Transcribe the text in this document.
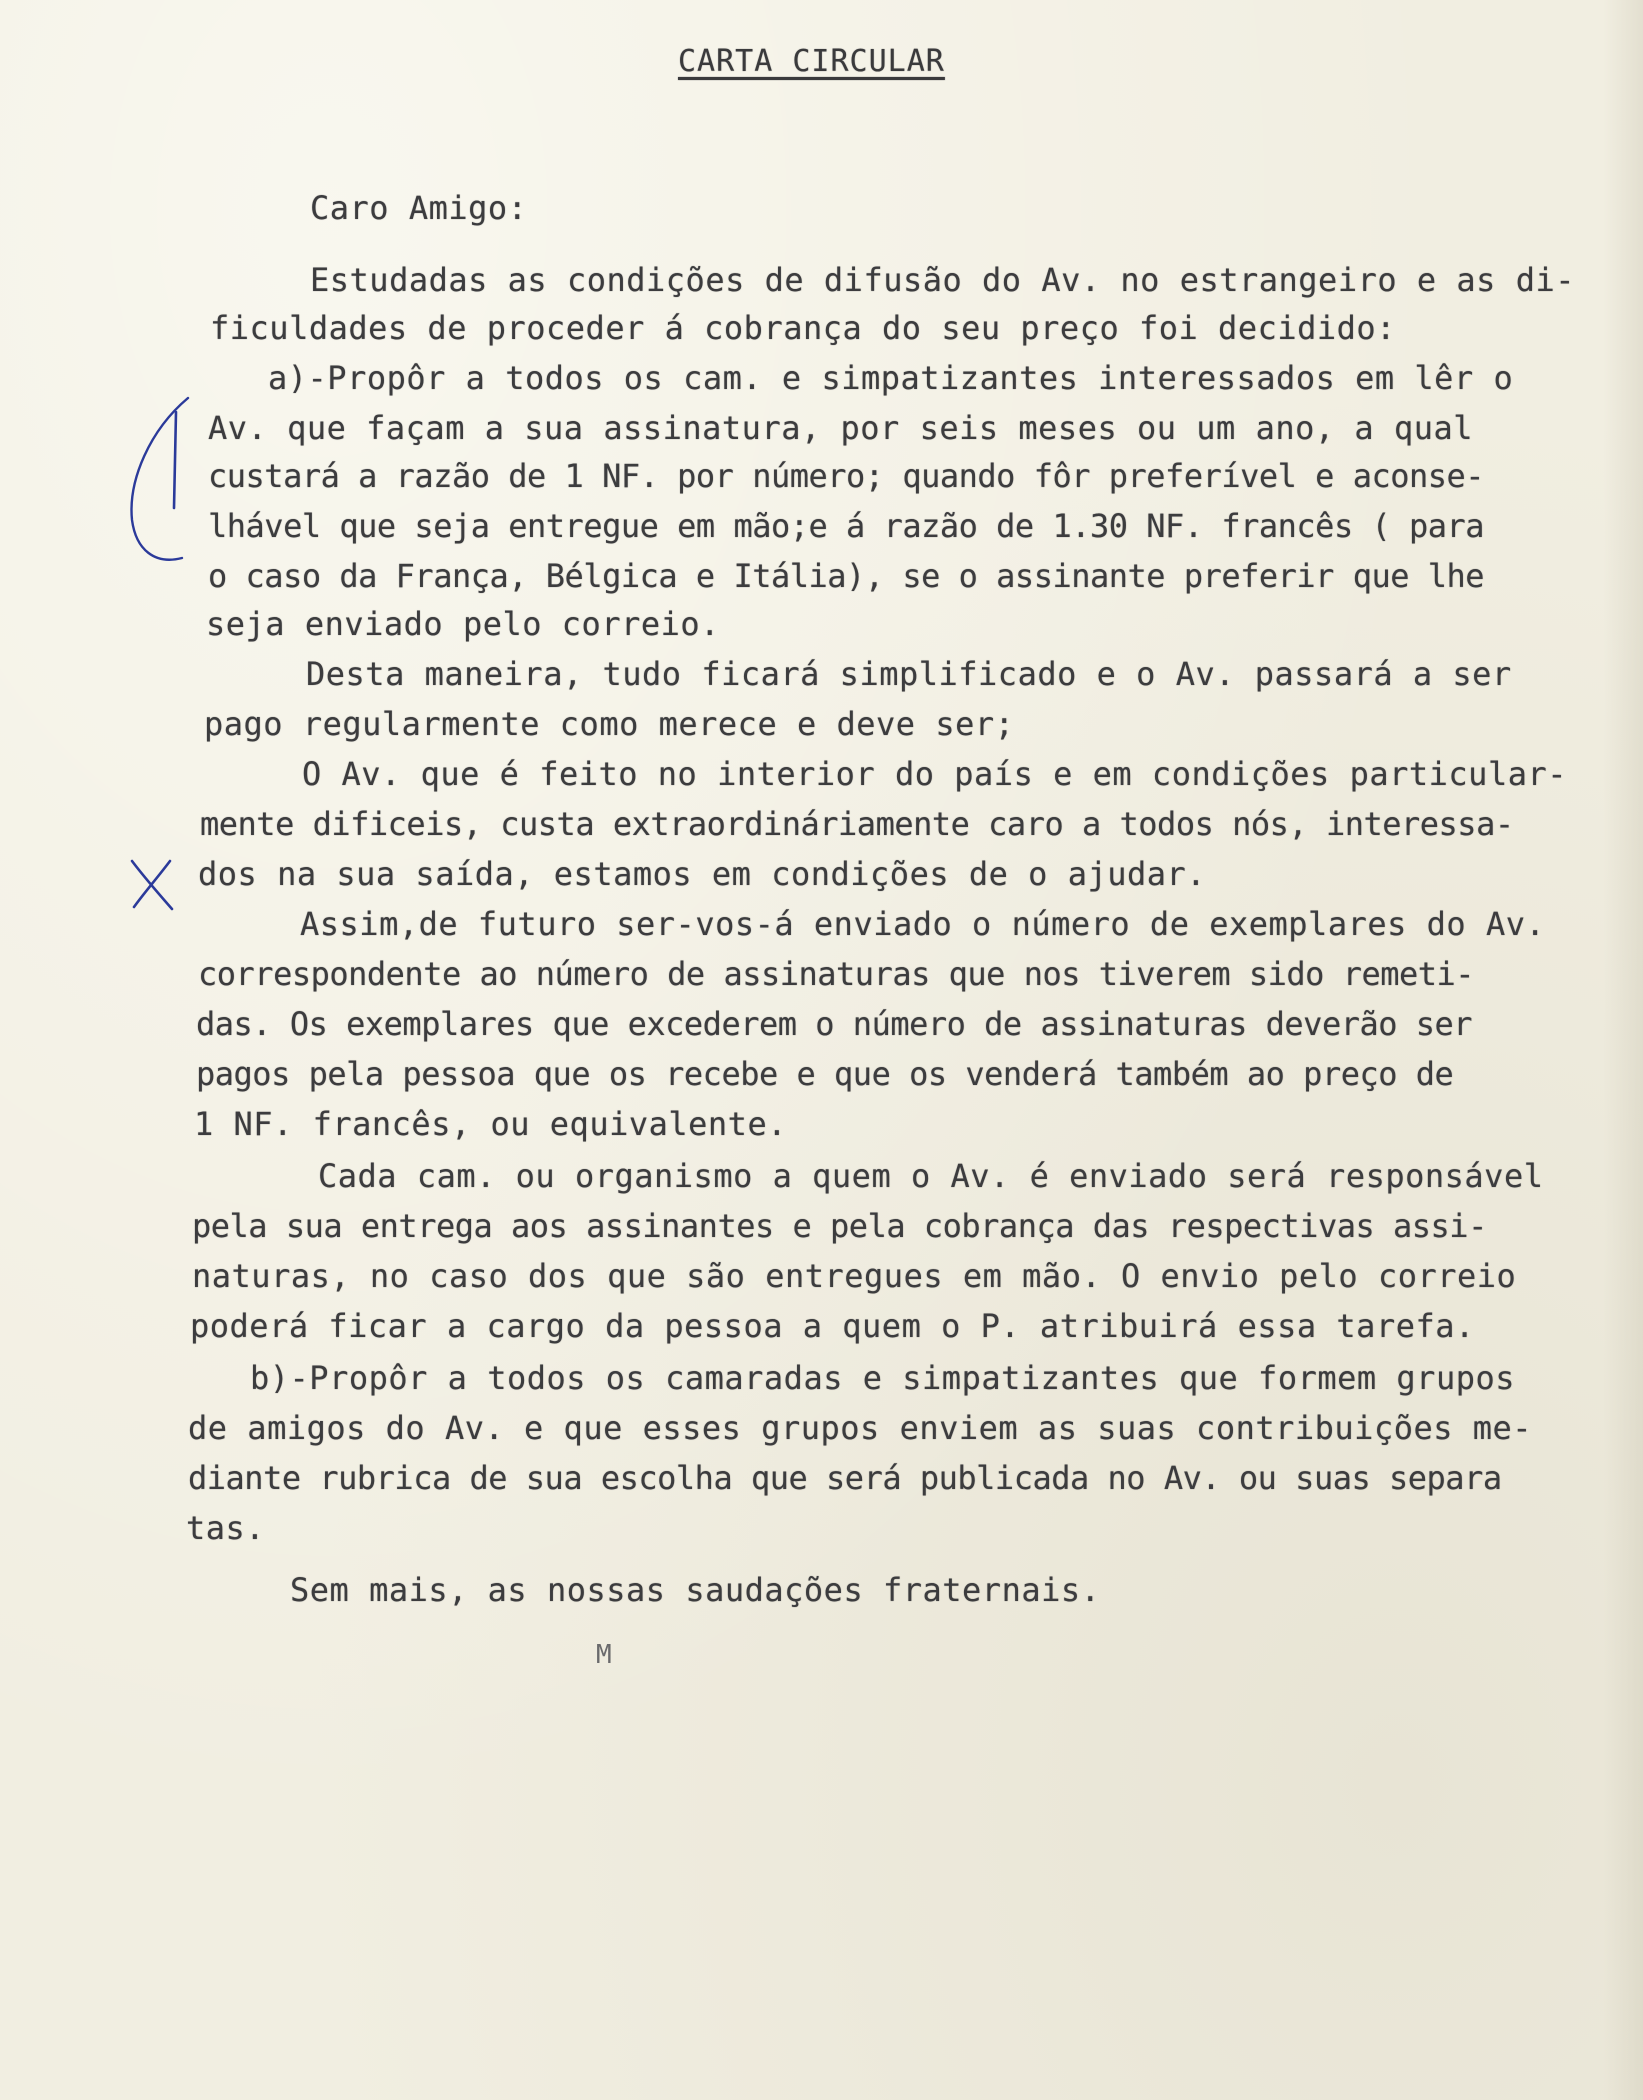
CARTA CIRCULAR
Caro Amigo:
Estudadas as condições de difusão do Av. no estrangeiro e as di-
ficuldades de proceder á cobrança do seu preço foi decidido:
a)-Propôr a todos os cam. e simpatizantes interessados em lêr o
Av. que façam a sua assinatura, por seis meses ou um ano, a qual
custará a razão de 1 NF. por número; quando fôr preferível e aconse-
lhável que seja entregue em mão;e á razão de 1.30 NF. francês ( para
o caso da França, Bélgica e Itália), se o assinante preferir que lhe
seja enviado pelo correio.
Desta maneira, tudo ficará simplificado e o Av. passará a ser
pago regularmente como merece e deve ser;
O Av. que é feito no interior do país e em condições particular-
mente dificeis, custa extraordináriamente caro a todos nós, interessa-
dos na sua saída, estamos em condições de o ajudar.
Assim,de futuro ser-vos-á enviado o número de exemplares do Av.
correspondente ao número de assinaturas que nos tiverem sido remeti-
das. Os exemplares que excederem o número de assinaturas deverão ser
pagos pela pessoa que os recebe e que os venderá também ao preço de
1 NF. francês, ou equivalente.
Cada cam. ou organismo a quem o Av. é enviado será responsável
pela sua entrega aos assinantes e pela cobrança das respectivas assi-
naturas, no caso dos que são entregues em mão. O envio pelo correio
poderá ficar a cargo da pessoa a quem o P. atribuirá essa tarefa.
b)-Propôr a todos os camaradas e simpatizantes que formem grupos
de amigos do Av. e que esses grupos enviem as suas contribuições me-
diante rubrica de sua escolha que será publicada no Av. ou suas separa
tas.
Sem mais, as nossas saudações fraternais.
M
